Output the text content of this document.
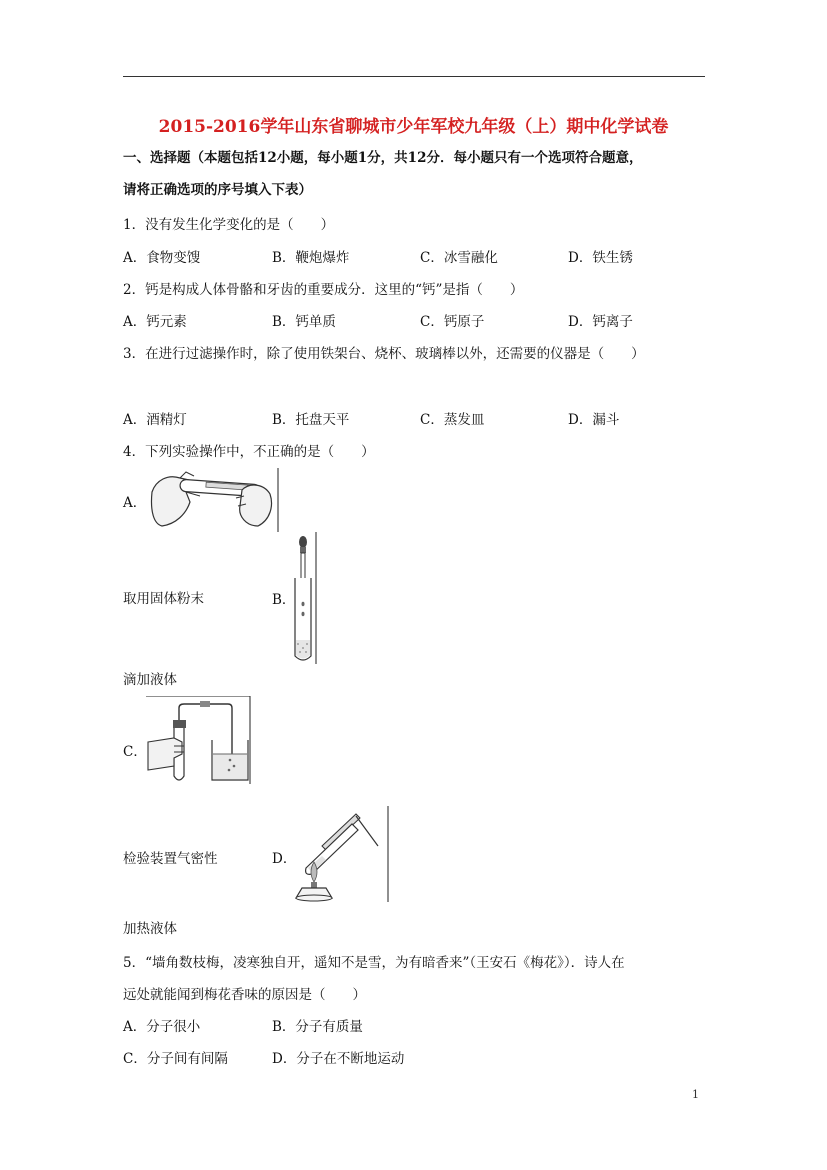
2015-2016学年山东省聊城市少年军校九年级（上）期中化学试卷
一、选择题（本题包括12小题，每小题1分，共12分．每小题只有一个选项符合题意，
请将正确选项的序号填入下表）
1．没有发生化学变化的是（　　）
A．食物变馊	B．鞭炮爆炸	C．冰雪融化	D．铁生锈
2．钙是构成人体骨骼和牙齿的重要成分．这里的“钙”是指（　　）
A．钙元素	B．钙单质	C．钙原子	D．钙离子
3．在进行过滤操作时，除了使用铁架台、烧杯、玻璃棒以外，还需要的仪器是（　　）
A．酒精灯	B．托盘天平	C．蒸发皿	D．漏斗
4．下列实验操作中，不正确的是（　　）
A．
取用固体粉末	B．
滴加液体
C．
检验装置气密性	D．
加热液体
5．“墙角数枝梅，凌寒独自开，遥知不是雪，为有暗香来”（王安石《梅花》）．诗人在
远处就能闻到梅花香味的原因是（　　）
A．分子很小	B．分子有质量
C．分子间有间隔	D．分子在不断地运动
1
